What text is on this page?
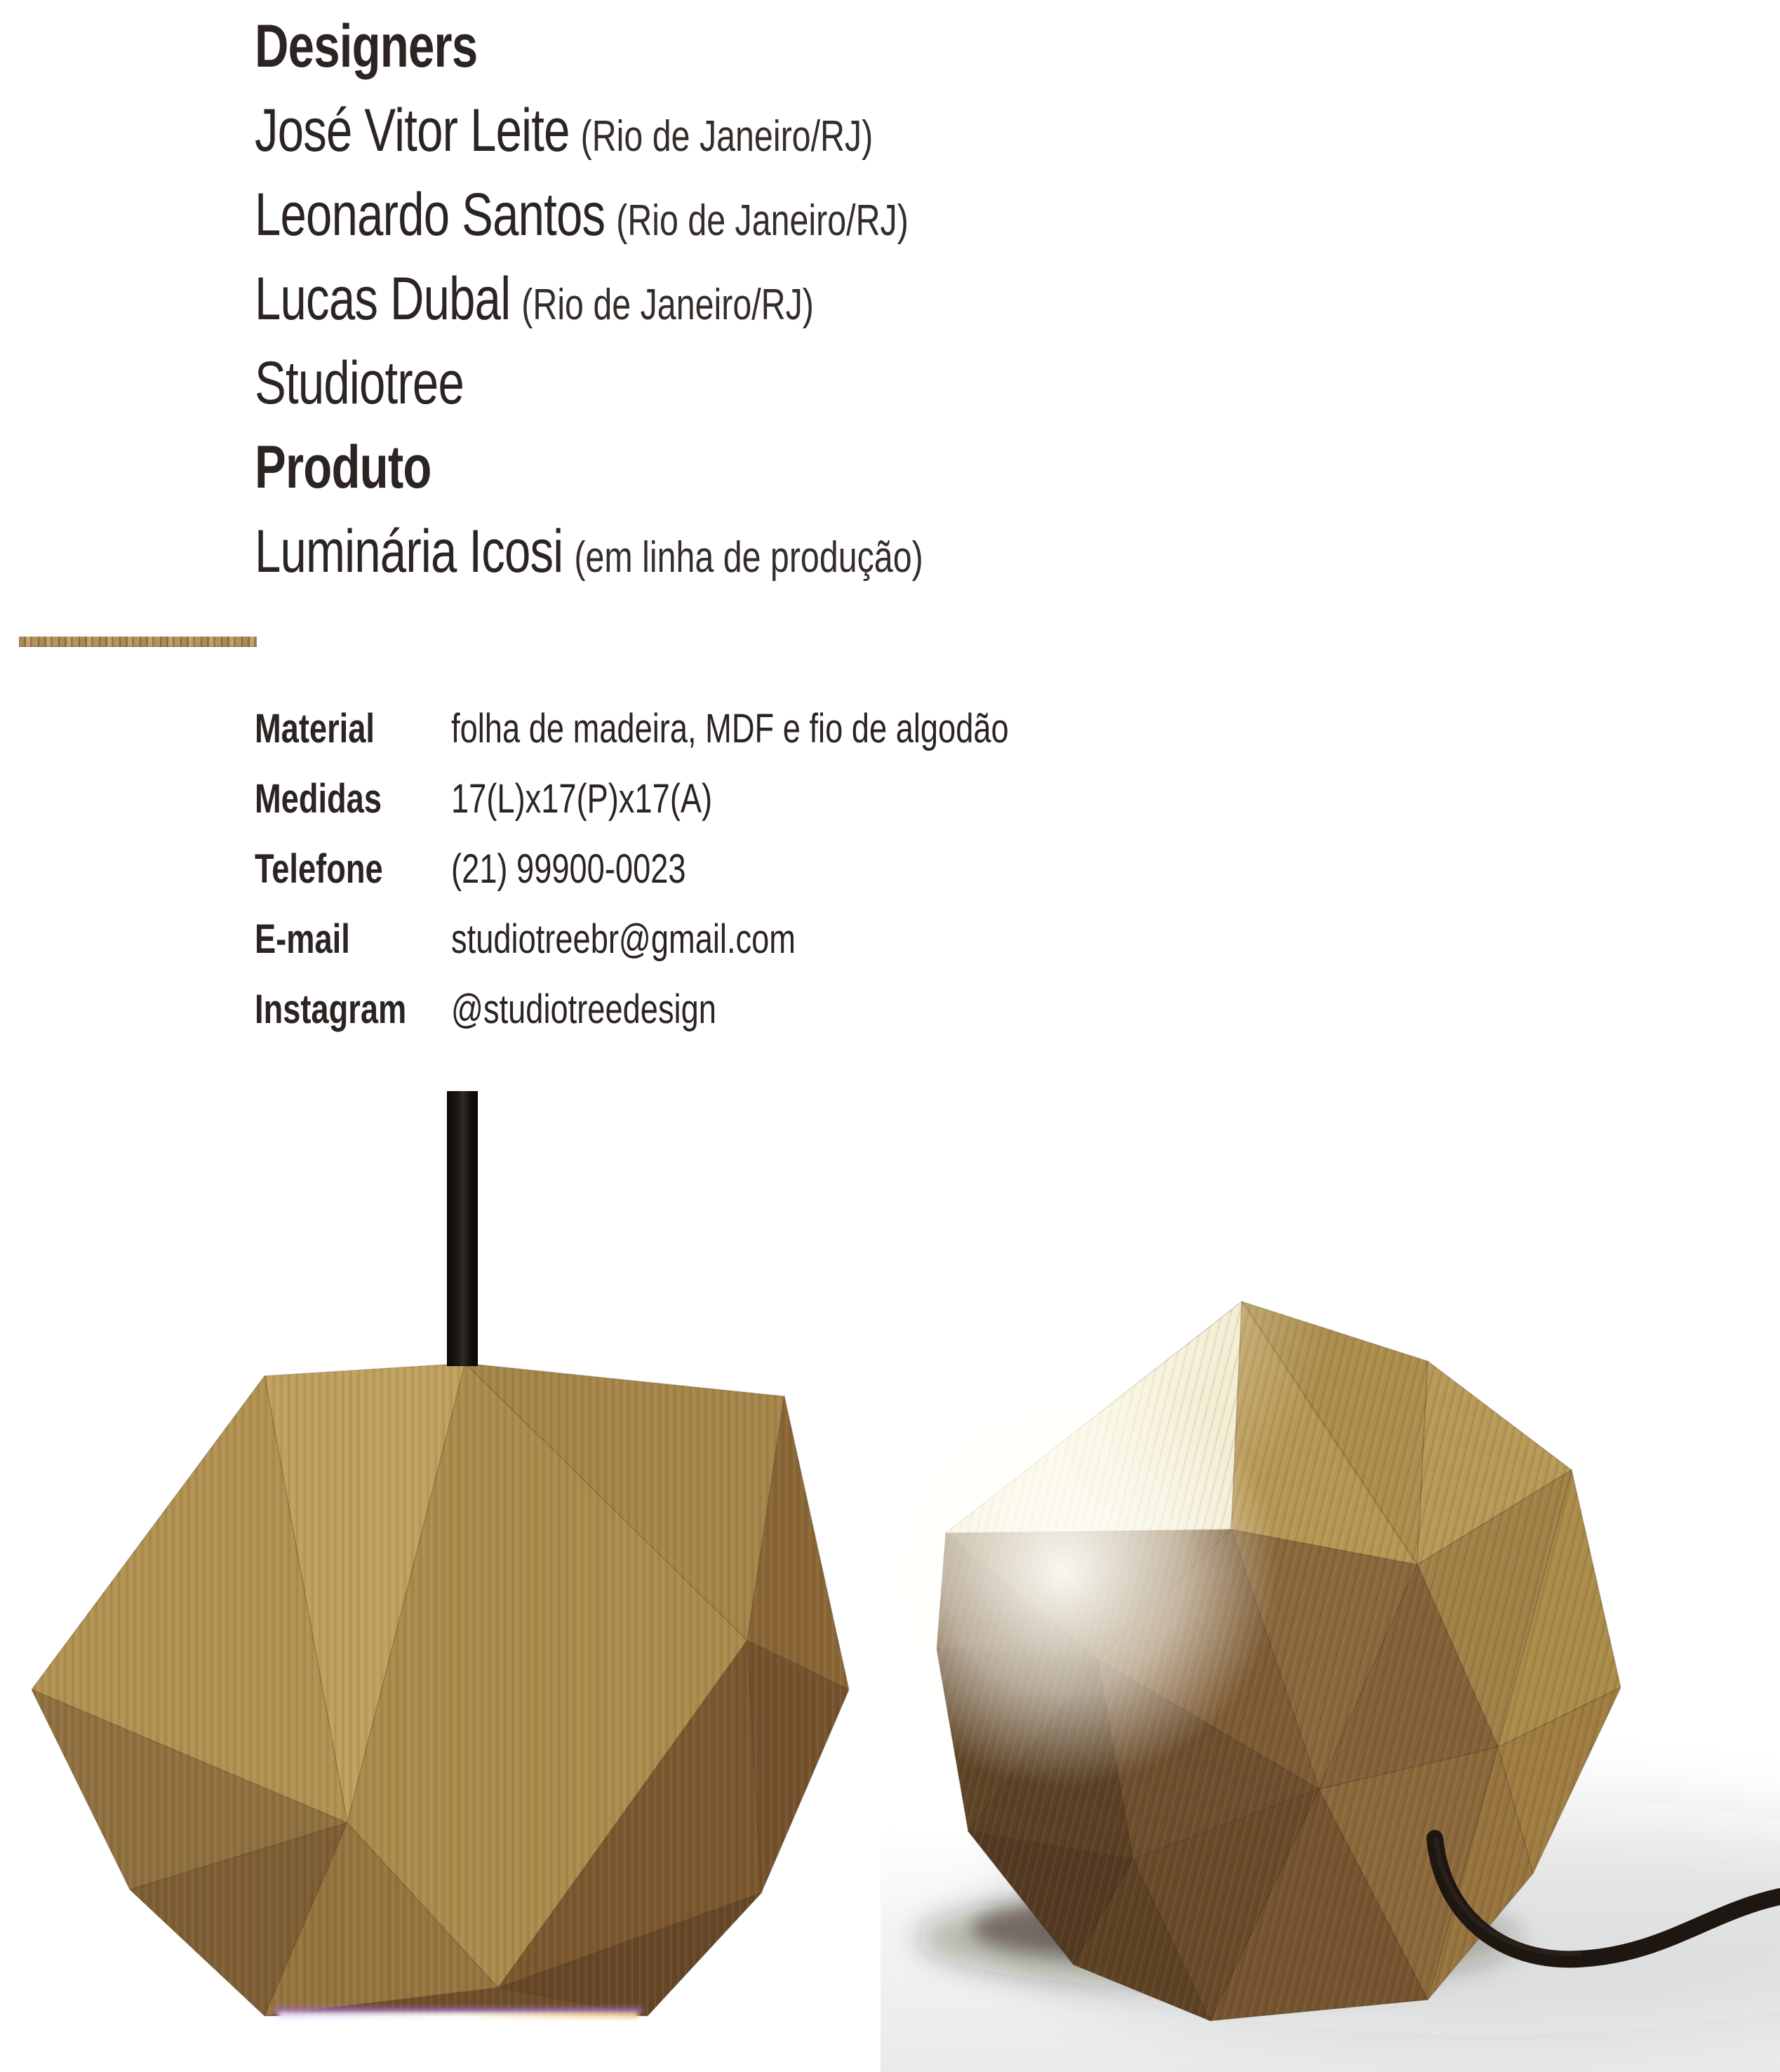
Designers
José Vitor Leite (Rio de Janeiro/RJ)
Leonardo Santos (Rio de Janeiro/RJ)
Lucas Dubal (Rio de Janeiro/RJ)
Studiotree
Produto
Luminária Icosi (em linha de produção)
Material folha de madeira, MDF e fio de algodão
Medidas 17(L)x17(P)x17(A)
Telefone (21) 99900-0023
E-mail studiotreebr@gmail.com
Instagram @studiotreedesign
